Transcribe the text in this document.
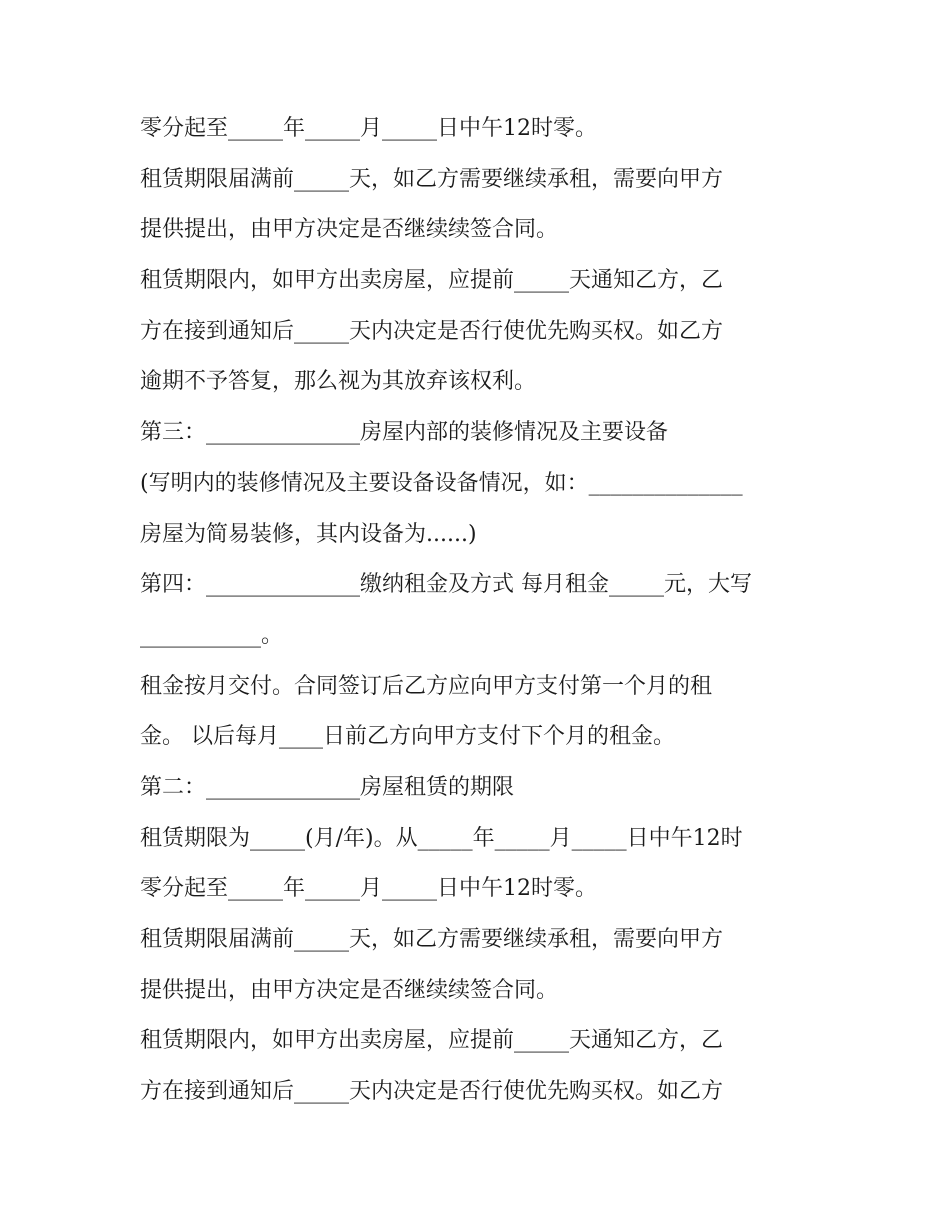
零分起至_____年_____月_____日中午12时零。

租赁期限届满前_____天，如乙方需要继续承租，需要向甲方

提供提出，由甲方决定是否继续续签合同。

租赁期限内，如甲方出卖房屋，应提前_____天通知乙方，乙

方在接到通知后_____天内决定是否行使优先购买权。如乙方

逾期不予答复，那么视为其放弃该权利。

第三：______________房屋内部的装修情况及主要设备

(写明内的装修情况及主要设备设备情况，如：______________

房屋为简易装修，其内设备为......)

第四：______________缴纳租金及方式 每月租金_____元，大写

___________。

租金按月交付。合同签订后乙方应向甲方支付第一个月的租

金。 以后每月____日前乙方向甲方支付下个月的租金。

第二：______________房屋租赁的期限

租赁期限为_____(月/年)。从_____年_____月_____日中午12时

零分起至_____年_____月_____日中午12时零。

租赁期限届满前_____天，如乙方需要继续承租，需要向甲方

提供提出，由甲方决定是否继续续签合同。

租赁期限内，如甲方出卖房屋，应提前_____天通知乙方，乙

方在接到通知后_____天内决定是否行使优先购买权。如乙方
